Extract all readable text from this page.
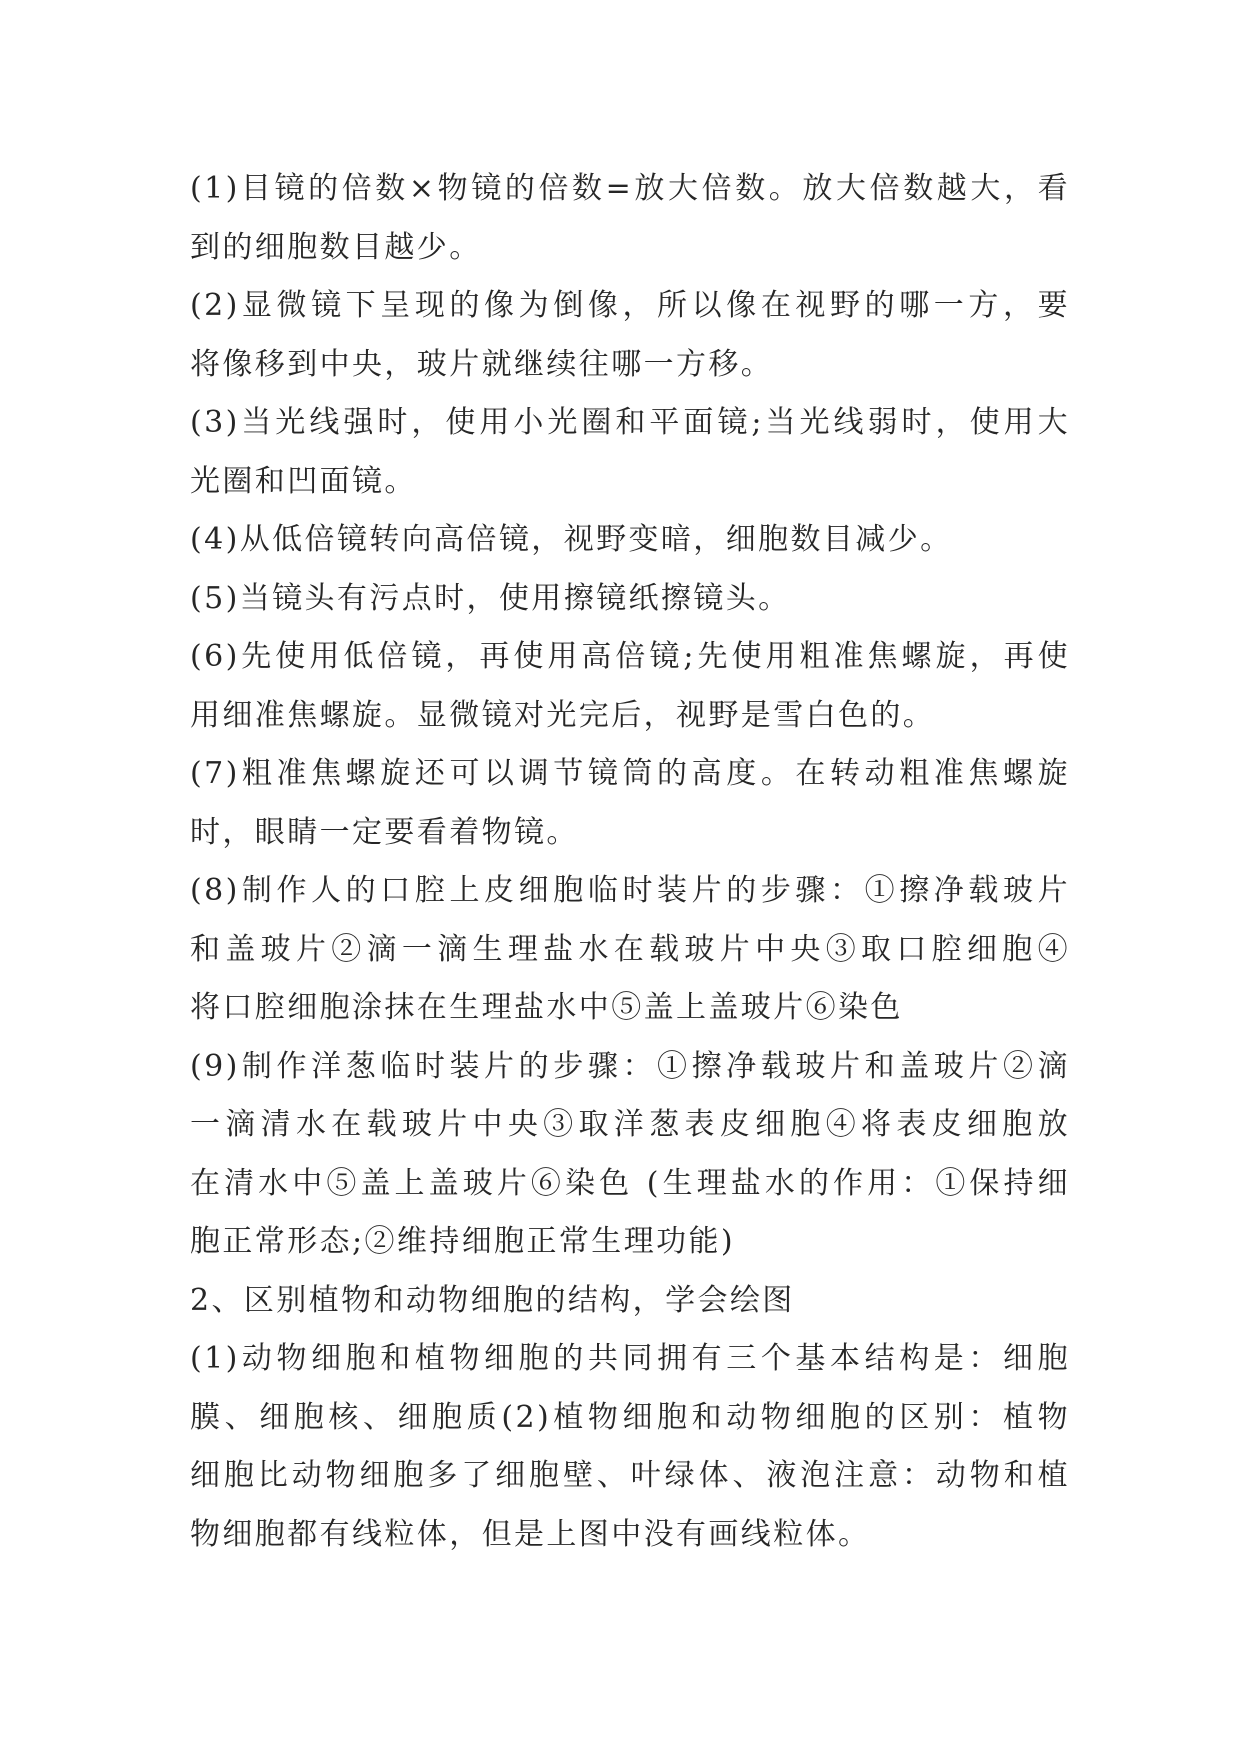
(1)目镜的倍数×物镜的倍数=放大倍数。放大倍数越大，看
到的细胞数目越少。
(2)显微镜下呈现的像为倒像，所以像在视野的哪一方，要
将像移到中央，玻片就继续往哪一方移。
(3)当光线强时，使用小光圈和平面镜;当光线弱时，使用大
光圈和凹面镜。
(4)从低倍镜转向高倍镜，视野变暗，细胞数目减少。
(5)当镜头有污点时，使用擦镜纸擦镜头。
(6)先使用低倍镜，再使用高倍镜;先使用粗准焦螺旋，再使
用细准焦螺旋。显微镜对光完后，视野是雪白色的。
(7)粗准焦螺旋还可以调节镜筒的高度。在转动粗准焦螺旋
时，眼睛一定要看着物镜。
(8)制作人的口腔上皮细胞临时装片的步骤：①擦净载玻片
和盖玻片②滴一滴生理盐水在载玻片中央③取口腔细胞④
将口腔细胞涂抹在生理盐水中⑤盖上盖玻片⑥染色
(9)制作洋葱临时装片的步骤：①擦净载玻片和盖玻片②滴
一滴清水在载玻片中央③取洋葱表皮细胞④将表皮细胞放
在清水中⑤盖上盖玻片⑥染色 (生理盐水的作用：①保持细
胞正常形态;②维持细胞正常生理功能)
2、区别植物和动物细胞的结构，学会绘图
(1)动物细胞和植物细胞的共同拥有三个基本结构是：细胞
膜、细胞核、细胞质(2)植物细胞和动物细胞的区别：植物
细胞比动物细胞多了细胞壁、叶绿体、液泡注意：动物和植
物细胞都有线粒体，但是上图中没有画线粒体。
